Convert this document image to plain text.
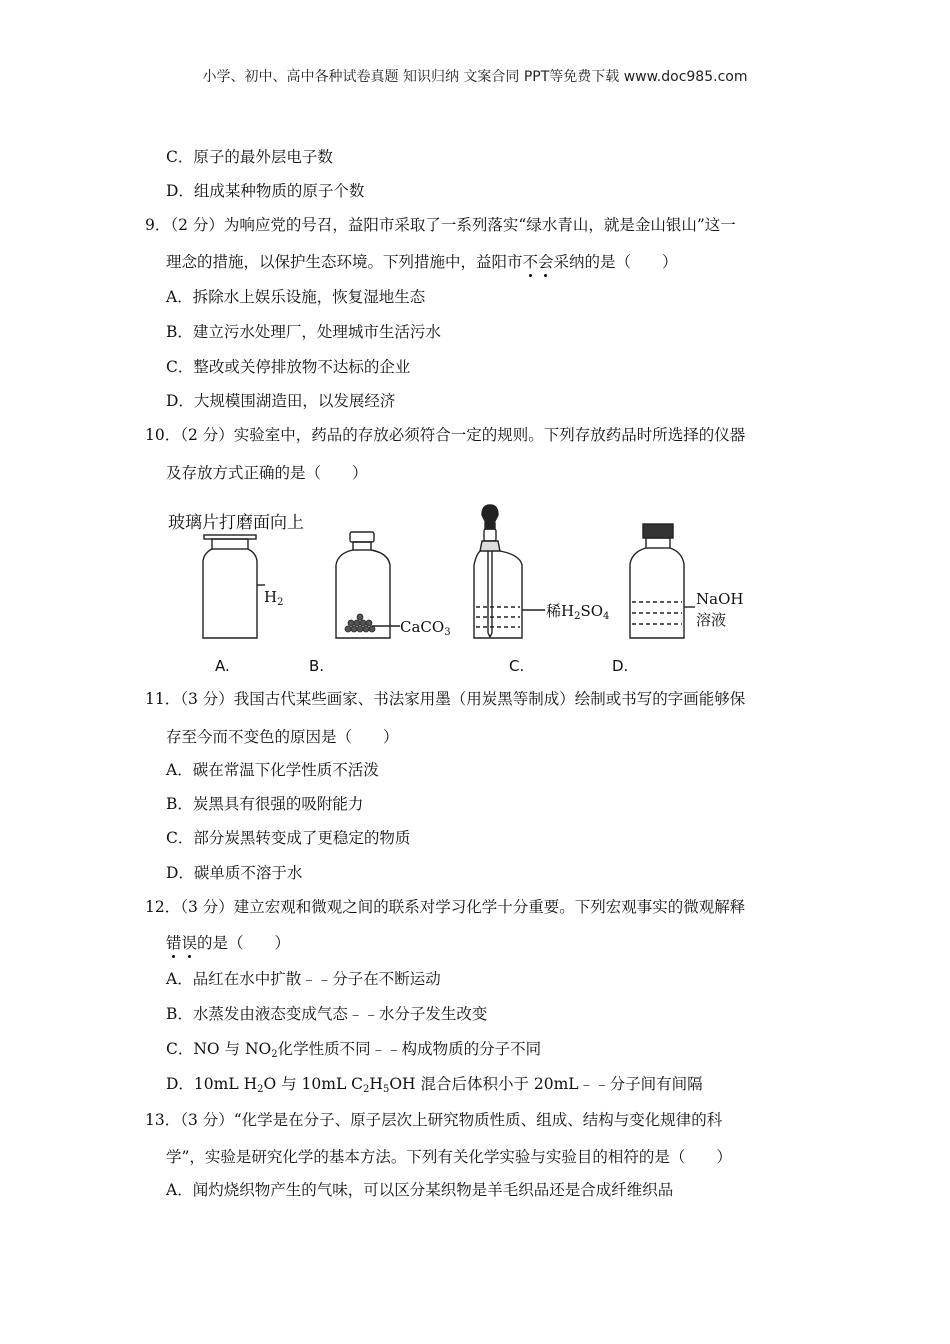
小学、初中、高中各种试卷真题 知识归纳 文案合同 PPT等免费下载 www.doc985.com
C．原子的最外层电子数
D．组成某种物质的原子个数
9．（2 分）为响应党的号召，益阳市采取了一系列落实“绿水青山，就是金山银山”这一
理念的措施，以保护生态环境。下列措施中，益阳市不会采纳的是（　　）
A．拆除水上娱乐设施，恢复湿地生态
B．建立污水处理厂，处理城市生活污水
C．整改或关停排放物不达标的企业
D．大规模围湖造田，以发展经济
10．（2 分）实验室中，药品的存放必须符合一定的规则。下列存放药品时所选择的仪器
及存放方式正确的是（　　）
玻璃片打磨面向上
$H_2$
CaCO$_3$
稀$H_2SO_4$
NaOH
溶液
A.	B.	C.	D.
11．（3 分）我国古代某些画家、书法家用墨（用炭黑等制成）绘制或书写的字画能够保
存至今而不变色的原因是（　　）
A．碳在常温下化学性质不活泼
B．炭黑具有很强的吸附能力
C．部分炭黑转变成了更稳定的物质
D．碳单质不溶于水
12．（3 分）建立宏观和微观之间的联系对学习化学十分重要。下列宏观事实的微观解释
错误的是（　　）
A．品红在水中扩散﹣﹣分子在不断运动
B．水蒸发由液态变成气态﹣﹣水分子发生改变
C．NO 与 $NO_2$化学性质不同﹣﹣构成物质的分子不同
D．10mL $H_2O$ 与 10mL $C_2H_5OH$ 混合后体积小于 20mL﹣﹣分子间有间隔
13．（3 分）“化学是在分子、原子层次上研究物质性质、组成、结构与变化规律的科
学”，实验是研究化学的基本方法。下列有关化学实验与实验目的相符的是（　　）
A．闻灼烧织物产生的气味，可以区分某织物是羊毛织品还是合成纤维织品
